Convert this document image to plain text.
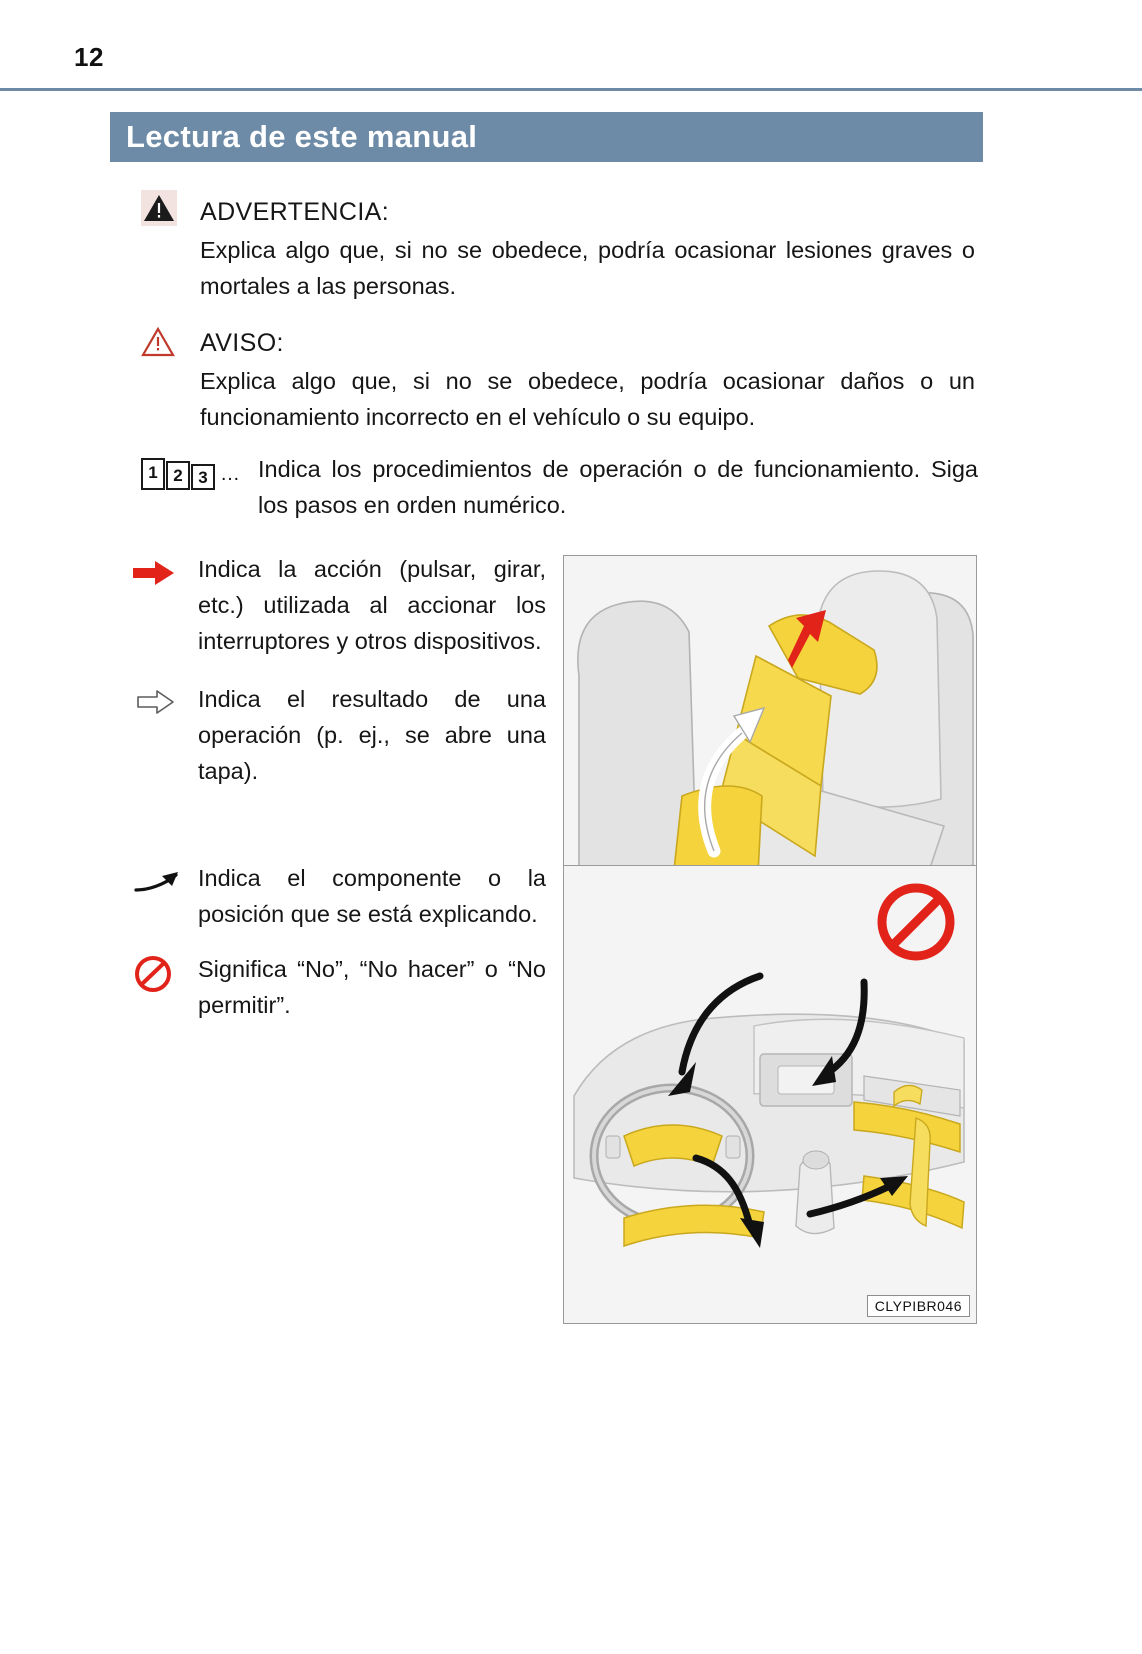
12
Lectura de este manual
ADVERTENCIA:
Explica algo que, si no se obedece, podría ocasionar lesiones graves o mortales a las personas.
AVISO:
Explica algo que, si no se obedece, podría ocasionar daños o un funcionamiento incorrecto en el vehículo o su equipo.
1 2 3 … Indica los procedimientos de operación o de funcionamiento. Siga los pasos en orden numérico.
Indica la acción (pulsar, girar, etc.) utilizada al accionar los interruptores y otros dispositivos.
Indica el resultado de una operación (p. ej., se abre una tapa).
Indica el componente o la posición que se está explicando.
Significa “No”, “No hacer” o “No permitir”.
CLYPIBR046
